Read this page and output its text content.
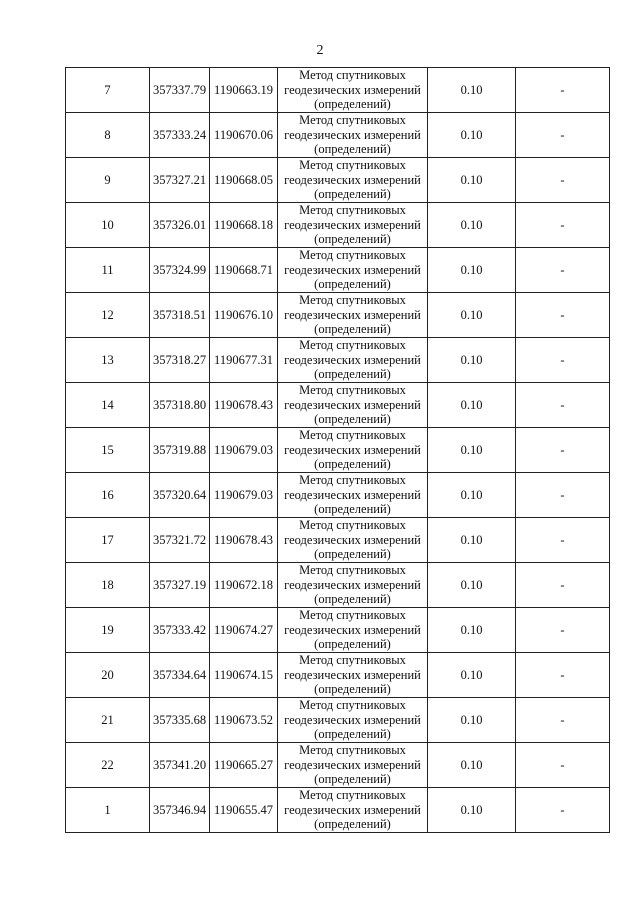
2
7	357337.79	1190663.19	Метод спутниковых
геодезических измерений
(определений)	0.10	-
8	357333.24	1190670.06	Метод спутниковых
геодезических измерений
(определений)	0.10	-
9	357327.21	1190668.05	Метод спутниковых
геодезических измерений
(определений)	0.10	-
10	357326.01	1190668.18	Метод спутниковых
геодезических измерений
(определений)	0.10	-
11	357324.99	1190668.71	Метод спутниковых
геодезических измерений
(определений)	0.10	-
12	357318.51	1190676.10	Метод спутниковых
геодезических измерений
(определений)	0.10	-
13	357318.27	1190677.31	Метод спутниковых
геодезических измерений
(определений)	0.10	-
14	357318.80	1190678.43	Метод спутниковых
геодезических измерений
(определений)	0.10	-
15	357319.88	1190679.03	Метод спутниковых
геодезических измерений
(определений)	0.10	-
16	357320.64	1190679.03	Метод спутниковых
геодезических измерений
(определений)	0.10	-
17	357321.72	1190678.43	Метод спутниковых
геодезических измерений
(определений)	0.10	-
18	357327.19	1190672.18	Метод спутниковых
геодезических измерений
(определений)	0.10	-
19	357333.42	1190674.27	Метод спутниковых
геодезических измерений
(определений)	0.10	-
20	357334.64	1190674.15	Метод спутниковых
геодезических измерений
(определений)	0.10	-
21	357335.68	1190673.52	Метод спутниковых
геодезических измерений
(определений)	0.10	-
22	357341.20	1190665.27	Метод спутниковых
геодезических измерений
(определений)	0.10	-
1	357346.94	1190655.47	Метод спутниковых
геодезических измерений
(определений)	0.10	-
